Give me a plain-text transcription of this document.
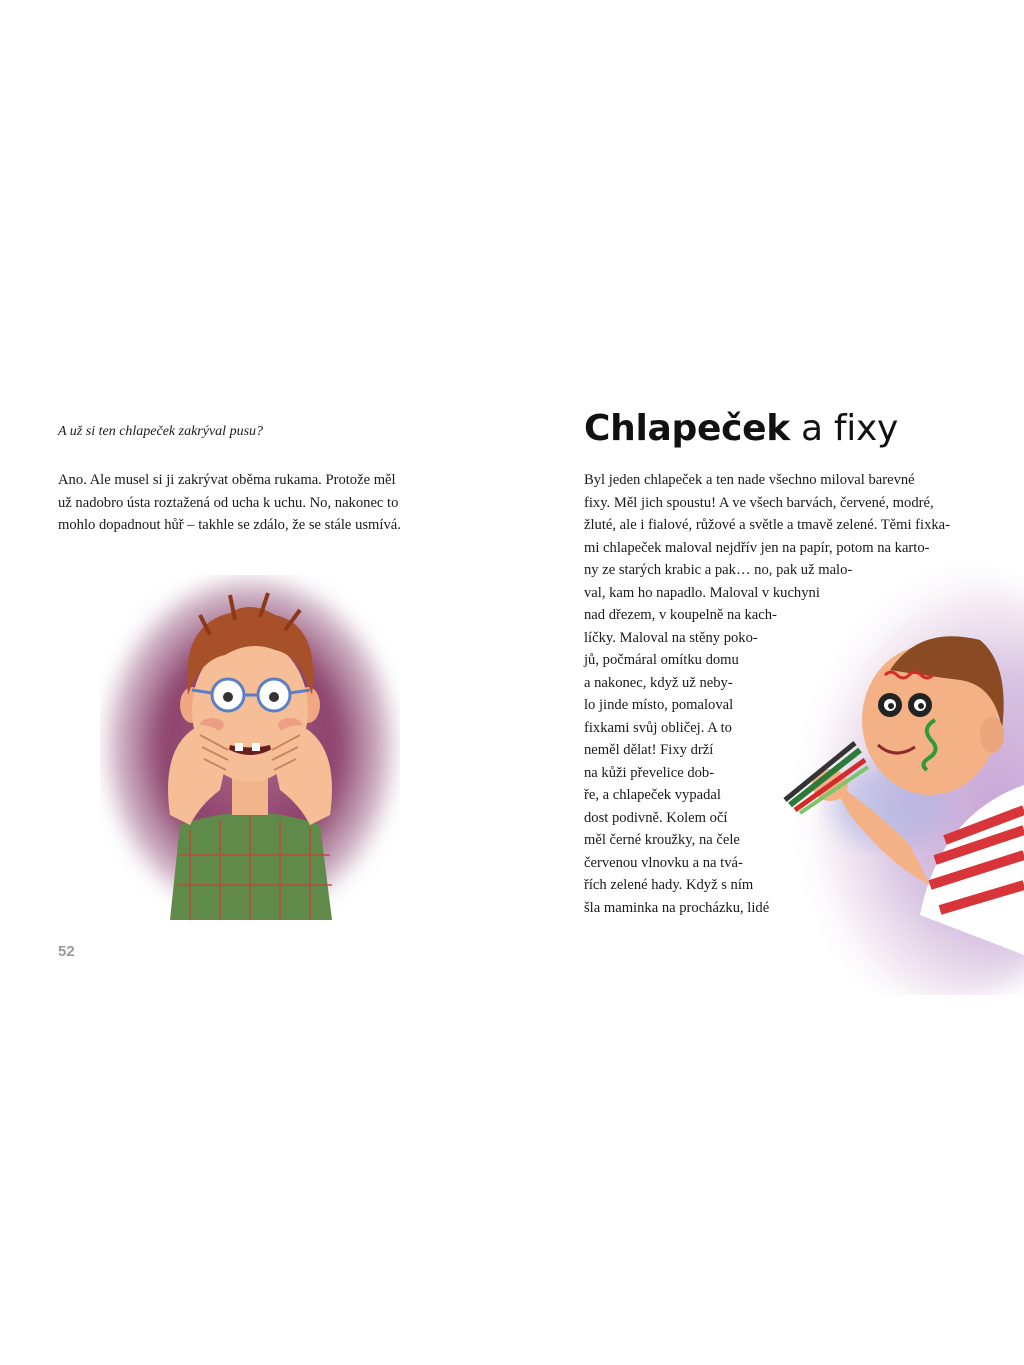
A už si ten chlapeček zakrýval pusu?
Ano. Ale musel si ji zakrývat oběma rukama. Protože měl
už nadobro ústa roztažená od ucha k uchu. No, nakonec to
mohlo dopadnout hůř – takhle se zdálo, že se stále usmívá.
52
Chlapeček a fixy
Byl jeden chlapeček a ten nade všechno miloval barevné
fixy. Měl jich spoustu! A ve všech barvách, červené, modré,
žluté, ale i fialové, růžové a světle a tmavě zelené. Těmi fixka-
mi chlapeček maloval nejdřív jen na papír, potom na karto-
ny ze starých krabic a pak… no, pak už malo-
val, kam ho napadlo. Maloval v kuchyni
nad dřezem, v koupelně na kach-
líčky. Maloval na stěny poko-
jů, počmáral omítku domu
a nakonec, když už neby-
lo jinde místo, pomaloval
fixkami svůj obličej. A to
neměl dělat! Fixy drží
na kůži převelice dob-
ře, a chlapeček vypadal
dost podivně. Kolem očí
měl černé kroužky, na čele
červenou vlnovku a na tvá-
řích zelené hady. Když s ním
šla maminka na procházku, lidé
